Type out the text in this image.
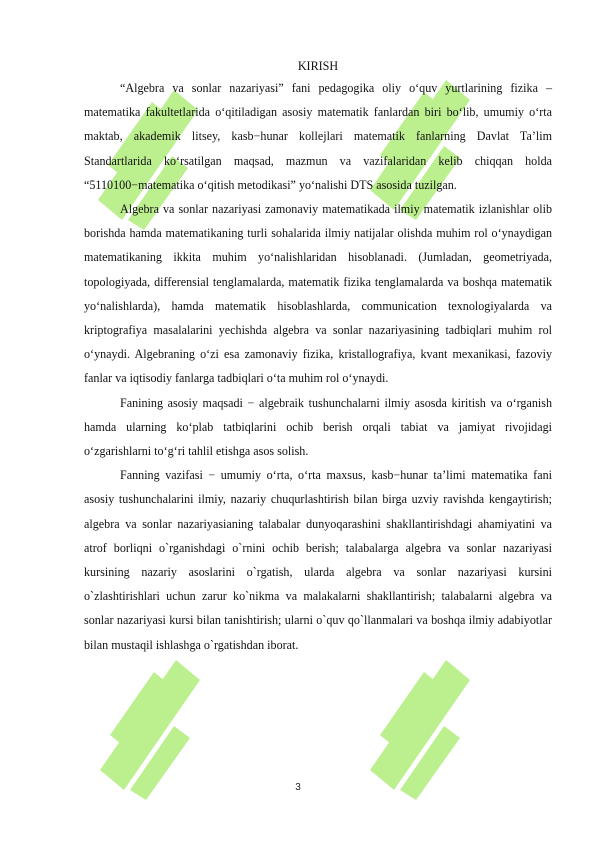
KIRISH

“Algebra va sonlar nazariyasi” fani pedagogika oliy o‘quv yurtlarining fizika – matematika fakultetlarida o‘qitiladigan asosiy matematik fanlardan biri bo‘lib, umumiy o‘rta maktab, akademik litsey, kasb−hunar kollejlari matematik fanlarning Davlat Ta’lim Standartlarida ko‘rsatilgan maqsad, mazmun va vazifalaridan kelib chiqqan holda “5110100−matematika o‘qitish metodikasi” yo‘nalishi DTS asosida tuzilgan.

Algebra va sonlar nazariyasi zamonaviy matematikada ilmiy matematik izlanishlar olib borishda hamda matematikaning turli sohalarida ilmiy natijalar olishda muhim rol o‘ynaydigan matematikaning ikkita muhim yo‘nalishlaridan hisoblanadi. (Jumladan, geometriyada, topologiyada, differensial tenglamalarda, matematik fizika tenglamalarda va boshqa matematik yo‘nalishlarda), hamda matematik hisoblashlarda, communication texnologiyalarda va kriptografiya masalalarini yechishda algebra va sonlar nazariyasining tadbiqlari muhim rol o‘ynaydi. Algebraning o‘zi esa zamonaviy fizika, kristallografiya, kvant mexanikasi, fazoviy fanlar va iqtisodiy fanlarga tadbiqlari o‘ta muhim rol o‘ynaydi.

Fanining asosiy maqsadi − algebraik tushunchalarni ilmiy asosda kiritish va o‘rganish hamda ularning ko‘plab tatbiqlarini ochib berish orqali tabiat va jamiyat rivojidagi o‘zgarishlarni to‘g‘ri tahlil etishga asos solish.

Fanning vazifasi − umumiy o‘rta, o‘rta maxsus, kasb−hunar ta’limi matematika fani asosiy tushunchalarini ilmiy, nazariy chuqurlashtirish bilan birga uzviy ravishda kengaytirish; algebra va sonlar nazariyasianing talabalar dunyoqarashini shakllantirishdagi ahamiyatini va atrof borliqni o`rganishdagi o`rnini ochib berish; talabalarga algebra va sonlar nazariyasi kursining nazariy asoslarini o`rgatish, ularda algebra va sonlar nazariyasi kursini o`zlashtirishlari uchun zarur ko`nikma va malakalarni shakllantirish; talabalarni algebra va sonlar nazariyasi kursi bilan tanishtirish; ularni o`quv qo`llanmalari va boshqa ilmiy adabiyotlar bilan mustaqil ishlashga o`rgatishdan iborat.

3
